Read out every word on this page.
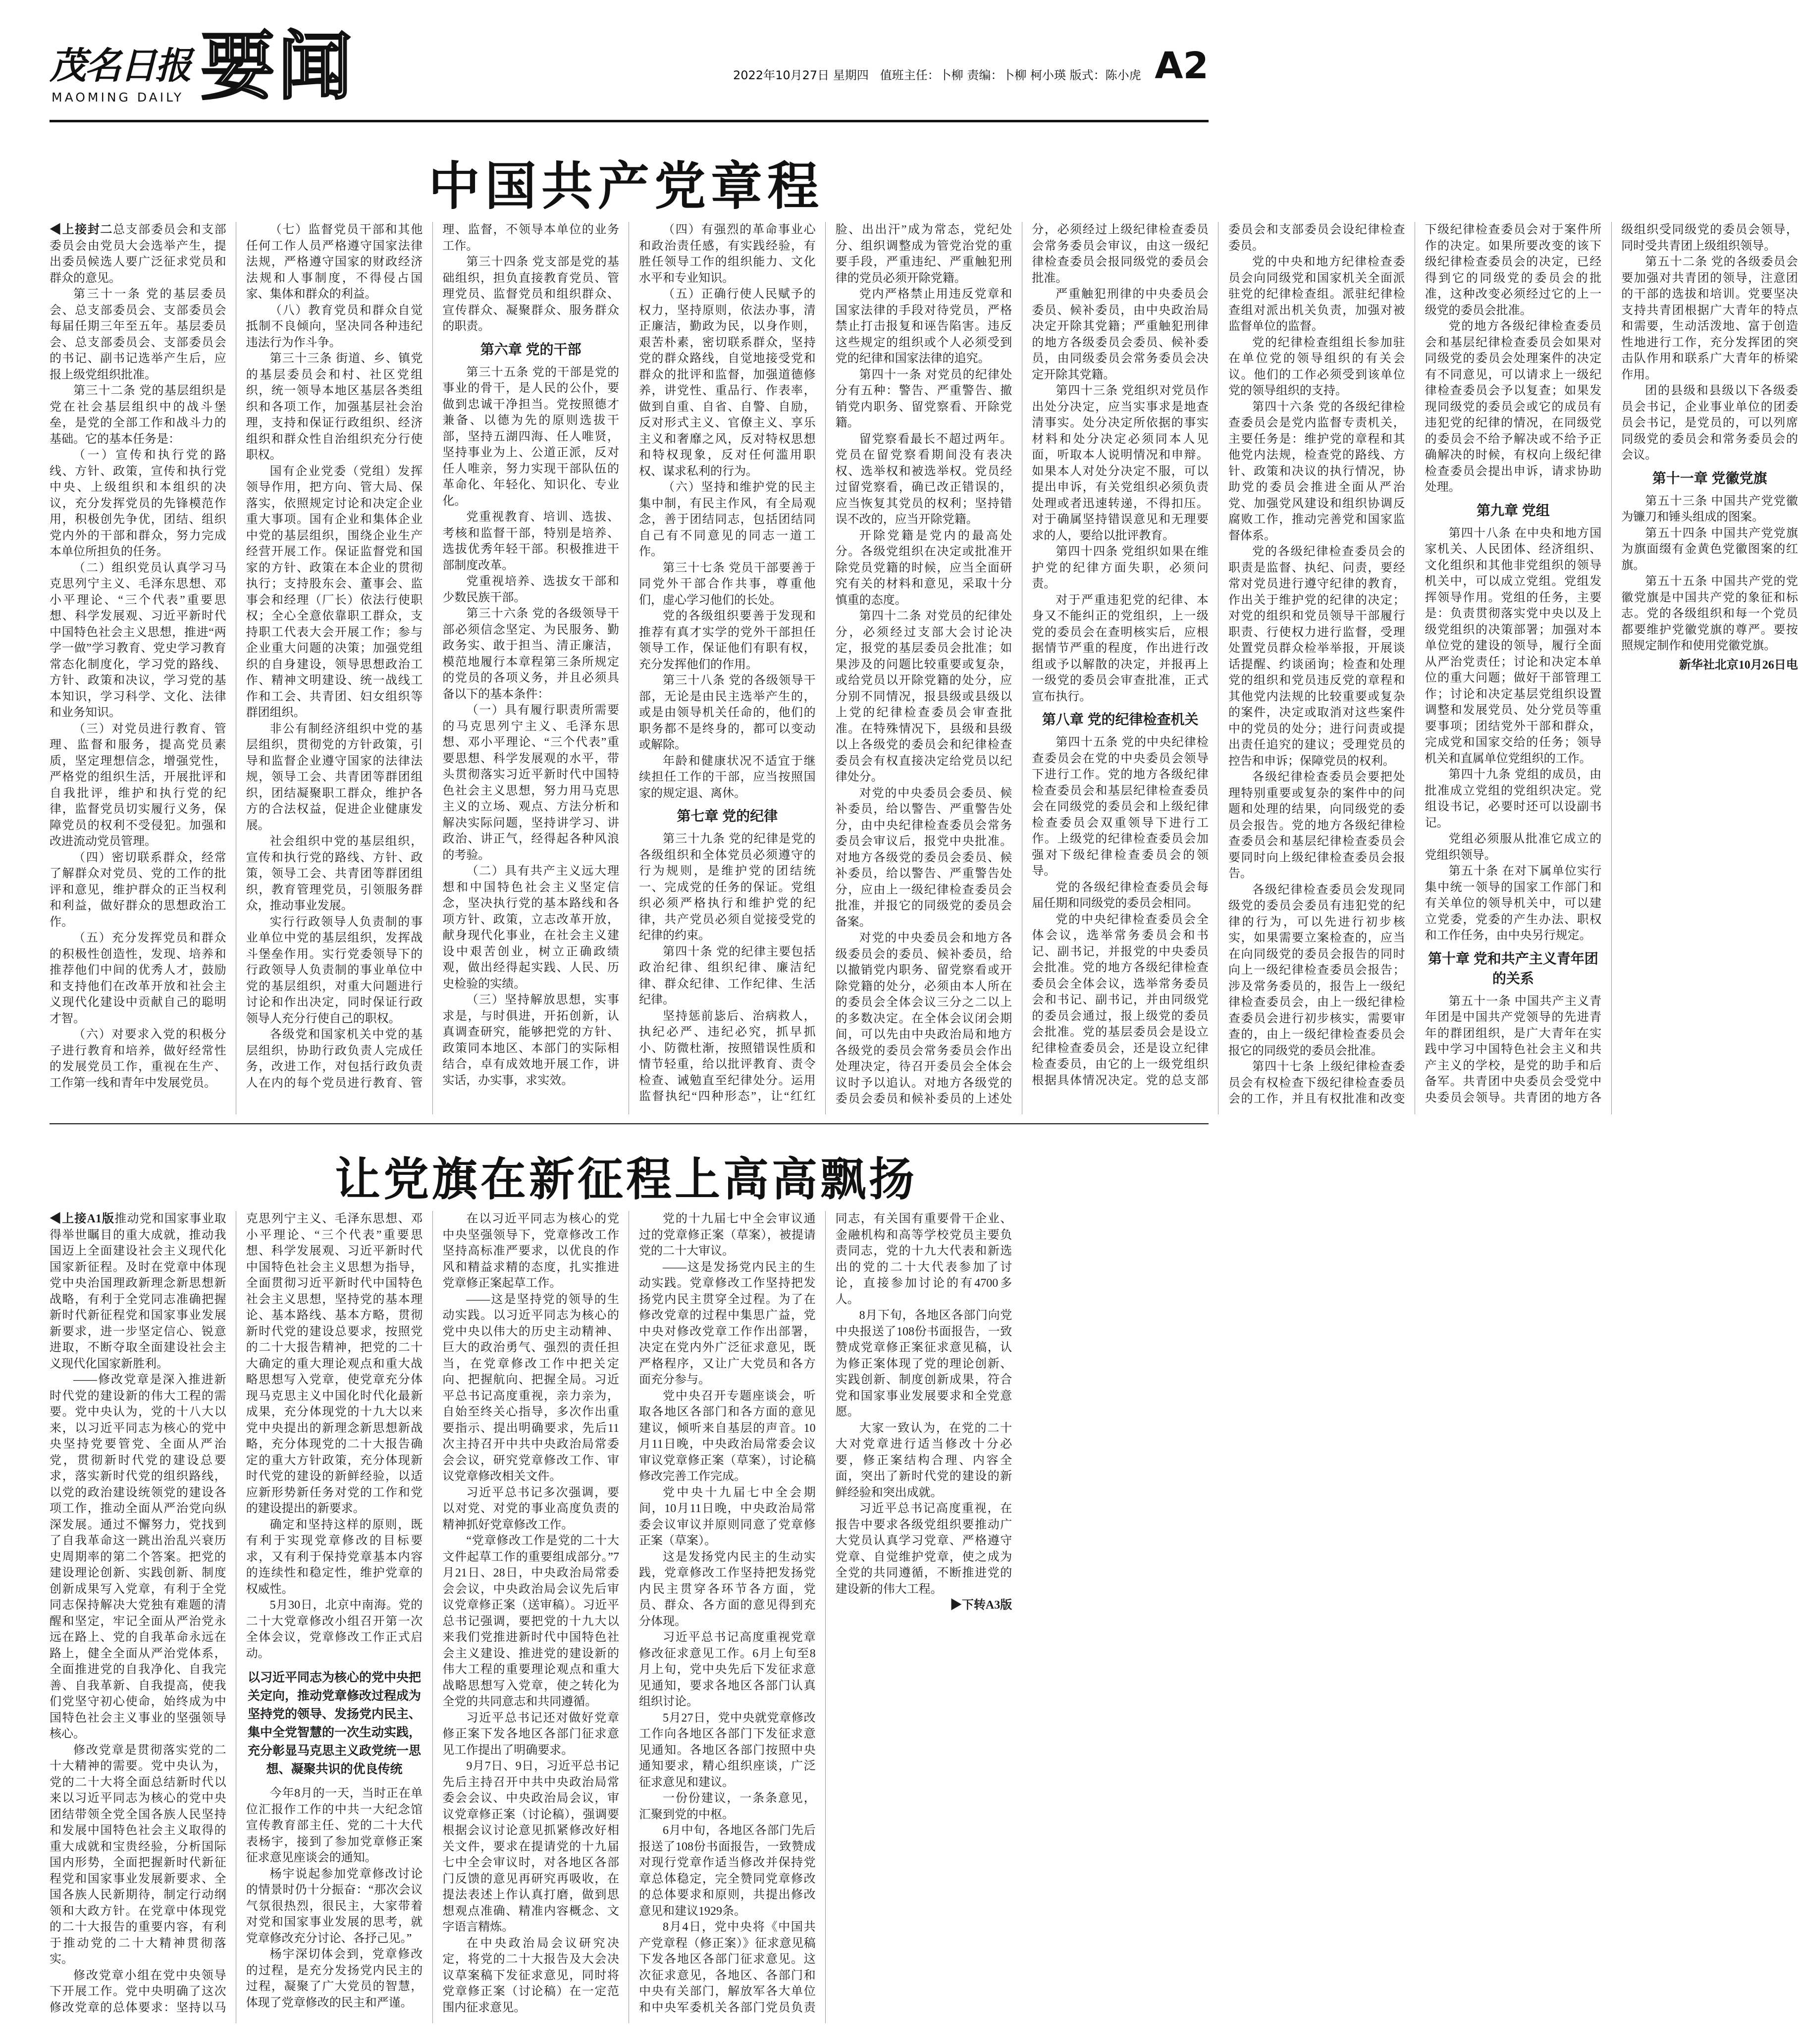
茂名日报
MAOMING DAILY 要闻	2022年10月27日 星期四 值班主任：卜柳 责编：卜柳 柯小瑛 版式：陈小虎 A2
中国共产党章程

◀上接封二总支部委员会和支部委员会由党员大会选举产生，提出委员候选人要广泛征求党员和群众的意见。

第三十一条 党的基层委员会、总支部委员会、支部委员会每届任期三年至五年。基层委员会、总支部委员会、支部委员会的书记、副书记选举产生后，应报上级党组织批准。

第三十二条 党的基层组织是党在社会基层组织中的战斗堡垒，是党的全部工作和战斗力的基础。它的基本任务是：

（一）宣传和执行党的路线、方针、政策，宣传和执行党中央、上级组织和本组织的决议，充分发挥党员的先锋模范作用，积极创先争优，团结、组织党内外的干部和群众，努力完成本单位所担负的任务。

（二）组织党员认真学习马克思列宁主义、毛泽东思想、邓小平理论、“三个代表”重要思想、科学发展观、习近平新时代中国特色社会主义思想，推进“两学一做”学习教育、党史学习教育常态化制度化，学习党的路线、方针、政策和决议，学习党的基本知识，学习科学、文化、法律和业务知识。

（三）对党员进行教育、管理、监督和服务，提高党员素质，坚定理想信念，增强党性，严格党的组织生活，开展批评和自我批评，维护和执行党的纪律，监督党员切实履行义务，保障党员的权利不受侵犯。加强和改进流动党员管理。

（四）密切联系群众，经常了解群众对党员、党的工作的批评和意见，维护群众的正当权利和利益，做好群众的思想政治工作。

（五）充分发挥党员和群众的积极性创造性，发现、培养和推荐他们中间的优秀人才，鼓励和支持他们在改革开放和社会主义现代化建设中贡献自己的聪明才智。

（六）对要求入党的积极分子进行教育和培养，做好经常性的发展党员工作，重视在生产、工作第一线和青年中发展党员。

（七）监督党员干部和其他任何工作人员严格遵守国家法律法规，严格遵守国家的财政经济法规和人事制度，不得侵占国家、集体和群众的利益。

（八）教育党员和群众自觉抵制不良倾向，坚决同各种违纪违法行为作斗争。

第三十三条 街道、乡、镇党的基层委员会和村、社区党组织，统一领导本地区基层各类组织和各项工作，加强基层社会治理，支持和保证行政组织、经济组织和群众性自治组织充分行使职权。

国有企业党委（党组）发挥领导作用，把方向、管大局、保落实，依照规定讨论和决定企业重大事项。国有企业和集体企业中党的基层组织，围绕企业生产经营开展工作。保证监督党和国家的方针、政策在本企业的贯彻执行；支持股东会、董事会、监事会和经理（厂长）依法行使职权；全心全意依靠职工群众，支持职工代表大会开展工作；参与企业重大问题的决策；加强党组织的自身建设，领导思想政治工作、精神文明建设、统一战线工作和工会、共青团、妇女组织等群团组织。

非公有制经济组织中党的基层组织，贯彻党的方针政策，引导和监督企业遵守国家的法律法规，领导工会、共青团等群团组织，团结凝聚职工群众，维护各方的合法权益，促进企业健康发展。

社会组织中党的基层组织，宣传和执行党的路线、方针、政策，领导工会、共青团等群团组织，教育管理党员，引领服务群众，推动事业发展。

实行行政领导人负责制的事业单位中党的基层组织，发挥战斗堡垒作用。实行党委领导下的行政领导人负责制的事业单位中党的基层组织，对重大问题进行讨论和作出决定，同时保证行政领导人充分行使自己的职权。

各级党和国家机关中党的基层组织，协助行政负责人完成任务，改进工作，对包括行政负责人在内的每个党员进行教育、管理、监督，不领导本单位的业务工作。

第三十四条 党支部是党的基础组织，担负直接教育党员、管理党员、监督党员和组织群众、宣传群众、凝聚群众、服务群众的职责。

第六章 党的干部

第三十五条 党的干部是党的事业的骨干，是人民的公仆，要做到忠诚干净担当。党按照德才兼备、以德为先的原则选拔干部，坚持五湖四海、任人唯贤，坚持事业为上、公道正派，反对任人唯亲，努力实现干部队伍的革命化、年轻化、知识化、专业化。

党重视教育、培训、选拔、考核和监督干部，特别是培养、选拔优秀年轻干部。积极推进干部制度改革。

党重视培养、选拔女干部和少数民族干部。

第三十六条 党的各级领导干部必须信念坚定、为民服务、勤政务实、敢于担当、清正廉洁，模范地履行本章程第三条所规定的党员的各项义务，并且必须具备以下的基本条件：

（一）具有履行职责所需要的马克思列宁主义、毛泽东思想、邓小平理论、“三个代表”重要思想、科学发展观的水平，带头贯彻落实习近平新时代中国特色社会主义思想，努力用马克思主义的立场、观点、方法分析和解决实际问题，坚持讲学习、讲政治、讲正气，经得起各种风浪的考验。

（二）具有共产主义远大理想和中国特色社会主义坚定信念，坚决执行党的基本路线和各项方针、政策，立志改革开放，献身现代化事业，在社会主义建设中艰苦创业，树立正确政绩观，做出经得起实践、人民、历史检验的实绩。

（三）坚持解放思想，实事求是，与时俱进，开拓创新，认真调查研究，能够把党的方针、政策同本地区、本部门的实际相结合，卓有成效地开展工作，讲实话，办实事，求实效。

（四）有强烈的革命事业心和政治责任感，有实践经验，有胜任领导工作的组织能力、文化水平和专业知识。

（五）正确行使人民赋予的权力，坚持原则，依法办事，清正廉洁，勤政为民，以身作则，艰苦朴素，密切联系群众，坚持党的群众路线，自觉地接受党和群众的批评和监督，加强道德修养，讲党性、重品行、作表率，做到自重、自省、自警、自励，反对形式主义、官僚主义、享乐主义和奢靡之风，反对特权思想和特权现象，反对任何滥用职权、谋求私利的行为。

（六）坚持和维护党的民主集中制，有民主作风，有全局观念，善于团结同志，包括团结同自己有不同意见的同志一道工作。

第三十七条 党员干部要善于同党外干部合作共事，尊重他们，虚心学习他们的长处。

党的各级组织要善于发现和推荐有真才实学的党外干部担任领导工作，保证他们有职有权，充分发挥他们的作用。

第三十八条 党的各级领导干部，无论是由民主选举产生的，或是由领导机关任命的，他们的职务都不是终身的，都可以变动或解除。

年龄和健康状况不适宜于继续担任工作的干部，应当按照国家的规定退、离休。

第七章 党的纪律

第三十九条 党的纪律是党的各级组织和全体党员必须遵守的行为规则，是维护党的团结统一、完成党的任务的保证。党组织必须严格执行和维护党的纪律，共产党员必须自觉接受党的纪律的约束。

第四十条 党的纪律主要包括政治纪律、组织纪律、廉洁纪律、群众纪律、工作纪律、生活纪律。

坚持惩前毖后、治病救人，执纪必严、违纪必究，抓早抓小、防微杜渐，按照错误性质和情节轻重，给以批评教育、责令检查、诫勉直至纪律处分。运用监督执纪“四种形态”，让“红红脸、出出汗”成为常态，党纪处分、组织调整成为管党治党的重要手段，严重违纪、严重触犯刑律的党员必须开除党籍。

党内严格禁止用违反党章和国家法律的手段对待党员，严格禁止打击报复和诬告陷害。违反这些规定的组织或个人必须受到党的纪律和国家法律的追究。

第四十一条 对党员的纪律处分有五种：警告、严重警告、撤销党内职务、留党察看、开除党籍。

留党察看最长不超过两年。党员在留党察看期间没有表决权、选举权和被选举权。党员经过留党察看，确已改正错误的，应当恢复其党员的权利；坚持错误不改的，应当开除党籍。

开除党籍是党内的最高处分。各级党组织在决定或批准开除党员党籍的时候，应当全面研究有关的材料和意见，采取十分慎重的态度。

第四十二条 对党员的纪律处分，必须经过支部大会讨论决定，报党的基层委员会批准；如果涉及的问题比较重要或复杂，或给党员以开除党籍的处分，应分别不同情况，报县级或县级以上党的纪律检查委员会审查批准。在特殊情况下，县级和县级以上各级党的委员会和纪律检查委员会有权直接决定给党员以纪律处分。

对党的中央委员会委员、候补委员，给以警告、严重警告处分，由中央纪律检查委员会常务委员会审议后，报党中央批准。对地方各级党的委员会委员、候补委员，给以警告、严重警告处分，应由上一级纪律检查委员会批准，并报它的同级党的委员会备案。

对党的中央委员会和地方各级委员会的委员、候补委员，给以撤销党内职务、留党察看或开除党籍的处分，必须由本人所在的委员会全体会议三分之二以上的多数决定。在全体会议闭会期间，可以先由中央政治局和地方各级党的委员会常务委员会作出处理决定，待召开委员会全体会议时予以追认。对地方各级党的委员会委员和候补委员的上述处分，必须经过上级纪律检查委员会常务委员会审议，由这一级纪律检查委员会报同级党的委员会批准。

严重触犯刑律的中央委员会委员、候补委员，由中央政治局决定开除其党籍；严重触犯刑律的地方各级委员会委员、候补委员，由同级委员会常务委员会决定开除其党籍。

第四十三条 党组织对党员作出处分决定，应当实事求是地查清事实。处分决定所依据的事实材料和处分决定必须同本人见面，听取本人说明情况和申辩。如果本人对处分决定不服，可以提出申诉，有关党组织必须负责处理或者迅速转递，不得扣压。对于确属坚持错误意见和无理要求的人，要给以批评教育。

第四十四条 党组织如果在维护党的纪律方面失职，必须问责。

对于严重违犯党的纪律、本身又不能纠正的党组织，上一级党的委员会在查明核实后，应根据情节严重的程度，作出进行改组或予以解散的决定，并报再上一级党的委员会审查批准，正式宣布执行。

第八章 党的纪律检查机关

第四十五条 党的中央纪律检查委员会在党的中央委员会领导下进行工作。党的地方各级纪律检查委员会和基层纪律检查委员会在同级党的委员会和上级纪律检查委员会双重领导下进行工作。上级党的纪律检查委员会加强对下级纪律检查委员会的领导。

党的各级纪律检查委员会每届任期和同级党的委员会相同。

党的中央纪律检查委员会全体会议，选举常务委员会和书记、副书记，并报党的中央委员会批准。党的地方各级纪律检查委员会全体会议，选举常务委员会和书记、副书记，并由同级党的委员会通过，报上级党的委员会批准。党的基层委员会是设立纪律检查委员会，还是设立纪律检查委员，由它的上一级党组织根据具体情况决定。党的总支部委员会和支部委员会设纪律检查委员。

党的中央和地方纪律检查委员会向同级党和国家机关全面派驻党的纪律检查组。派驻纪律检查组对派出机关负责，加强对被监督单位的监督。

党的纪律检查组组长参加驻在单位党的领导组织的有关会议。他们的工作必须受到该单位党的领导组织的支持。

第四十六条 党的各级纪律检查委员会是党内监督专责机关，主要任务是：维护党的章程和其他党内法规，检查党的路线、方针、政策和决议的执行情况，协助党的委员会推进全面从严治党、加强党风建设和组织协调反腐败工作，推动完善党和国家监督体系。

党的各级纪律检查委员会的职责是监督、执纪、问责，要经常对党员进行遵守纪律的教育，作出关于维护党的纪律的决定；对党的组织和党员领导干部履行职责、行使权力进行监督，受理处置党员群众检举举报，开展谈话提醒、约谈函询；检查和处理党的组织和党员违反党的章程和其他党内法规的比较重要或复杂的案件，决定或取消对这些案件中的党员的处分；进行问责或提出责任追究的建议；受理党员的控告和申诉；保障党员的权利。

各级纪律检查委员会要把处理特别重要或复杂的案件中的问题和处理的结果，向同级党的委员会报告。党的地方各级纪律检查委员会和基层纪律检查委员会要同时向上级纪律检查委员会报告。

各级纪律检查委员会发现同级党的委员会委员有违犯党的纪律的行为，可以先进行初步核实，如果需要立案检查的，应当在向同级党的委员会报告的同时向上一级纪律检查委员会报告；涉及常务委员的，报告上一级纪律检查委员会，由上一级纪律检查委员会进行初步核实，需要审查的，由上一级纪律检查委员会报它的同级党的委员会批准。

第四十七条 上级纪律检查委员会有权检查下级纪律检查委员会的工作，并且有权批准和改变下级纪律检查委员会对于案件所作的决定。如果所要改变的该下级纪律检查委员会的决定，已经得到它的同级党的委员会的批准，这种改变必须经过它的上一级党的委员会批准。

党的地方各级纪律检查委员会和基层纪律检查委员会如果对同级党的委员会处理案件的决定有不同意见，可以请求上一级纪律检查委员会予以复查；如果发现同级党的委员会或它的成员有违犯党的纪律的情况，在同级党的委员会不给予解决或不给予正确解决的时候，有权向上级纪律检查委员会提出申诉，请求协助处理。

第九章 党组

第四十八条 在中央和地方国家机关、人民团体、经济组织、文化组织和其他非党组织的领导机关中，可以成立党组。党组发挥领导作用。党组的任务，主要是：负责贯彻落实党中央以及上级党组织的决策部署；加强对本单位党的建设的领导，履行全面从严治党责任；讨论和决定本单位的重大问题；做好干部管理工作；讨论和决定基层党组织设置调整和发展党员、处分党员等重要事项；团结党外干部和群众，完成党和国家交给的任务；领导机关和直属单位党组织的工作。

第四十九条 党组的成员，由批准成立党组的党组织决定。党组设书记，必要时还可以设副书记。

党组必须服从批准它成立的党组织领导。

第五十条 在对下属单位实行集中统一领导的国家工作部门和有关单位的领导机关中，可以建立党委，党委的产生办法、职权和工作任务，由中央另行规定。

第十章 党和共产主义青年团的关系

第五十一条 中国共产主义青年团是中国共产党领导的先进青年的群团组织，是广大青年在实践中学习中国特色社会主义和共产主义的学校，是党的助手和后备军。共青团中央委员会受党中央委员会领导。共青团的地方各级组织受同级党的委员会领导，同时受共青团上级组织领导。

第五十二条 党的各级委员会要加强对共青团的领导，注意团的干部的选拔和培训。党要坚决支持共青团根据广大青年的特点和需要，生动活泼地、富于创造性地进行工作，充分发挥团的突击队作用和联系广大青年的桥梁作用。

团的县级和县级以下各级委员会书记，企业事业单位的团委员会书记，是党员的，可以列席同级党的委员会和常务委员会的会议。

第十一章 党徽党旗

第五十三条 中国共产党党徽为镰刀和锤头组成的图案。

第五十四条 中国共产党党旗为旗面缀有金黄色党徽图案的红旗。

第五十五条 中国共产党的党徽党旗是中国共产党的象征和标志。党的各级组织和每一个党员都要维护党徽党旗的尊严。要按照规定制作和使用党徽党旗。

新华社北京10月26日电

让党旗在新征程上高高飘扬

◀上接A1版推动党和国家事业取得举世瞩目的重大成就，推动我国迈上全面建设社会主义现代化国家新征程。及时在党章中体现党中央治国理政新理念新思想新战略，有利于全党同志准确把握新时代新征程党和国家事业发展新要求，进一步坚定信心、锐意进取，不断夺取全面建设社会主义现代化国家新胜利。

——修改党章是深入推进新时代党的建设新的伟大工程的需要。党中央认为，党的十八大以来，以习近平同志为核心的党中央坚持党要管党、全面从严治党，贯彻新时代党的建设总要求，落实新时代党的组织路线，以党的政治建设统领党的建设各项工作，推动全面从严治党向纵深发展。通过不懈努力，党找到了自我革命这一跳出治乱兴衰历史周期率的第二个答案。把党的建设理论创新、实践创新、制度创新成果写入党章，有利于全党同志保持解决大党独有难题的清醒和坚定，牢记全面从严治党永远在路上、党的自我革命永远在路上，健全全面从严治党体系，全面推进党的自我净化、自我完善、自我革新、自我提高，使我们党坚守初心使命，始终成为中国特色社会主义事业的坚强领导核心。

修改党章是贯彻落实党的二十大精神的需要。党中央认为，党的二十大将全面总结新时代以来以习近平同志为核心的党中央团结带领全党全国各族人民坚持和发展中国特色社会主义取得的重大成就和宝贵经验，分析国际国内形势，全面把握新时代新征程党和国家事业发展新要求、全国各族人民新期待，制定行动纲领和大政方针。在党章中体现党的二十大报告的重要内容，有利于推动党的二十大精神贯彻落实。

修改党章小组在党中央领导下开展工作。党中央明确了这次修改党章的总体要求：坚持以马克思列宁主义、毛泽东思想、邓小平理论、“三个代表”重要思想、科学发展观、习近平新时代中国特色社会主义思想为指导，全面贯彻习近平新时代中国特色社会主义思想，坚持党的基本理论、基本路线、基本方略，贯彻新时代党的建设总要求，按照党的二十大报告精神，把党的二十大确定的重大理论观点和重大战略思想写入党章，使党章充分体现马克思主义中国化时代化最新成果，充分体现党的十九大以来党中央提出的新理念新思想新战略，充分体现党的二十大报告确定的重大方针政策，充分体现新时代党的建设的新鲜经验，以适应新形势新任务对党的工作和党的建设提出的新要求。

确定和坚持这样的原则，既有利于实现党章修改的目标要求，又有利于保持党章基本内容的连续性和稳定性，维护党章的权威性。

5月30日，北京中南海。党的二十大党章修改小组召开第一次全体会议，党章修改工作正式启动。

以习近平同志为核心的党中央把关定向，推动党章修改过程成为坚持党的领导、发扬党内民主、集中全党智慧的一次生动实践，充分彰显马克思主义政党统一思想、凝聚共识的优良传统

今年8月的一天，当时正在单位汇报作工作的中共一大纪念馆宣传教育部主任、党的二十大代表杨宇，接到了参加党章修正案征求意见座谈会的通知。

杨宇说起参加党章修改讨论的情景时仍十分振奋：“那次会议气氛很热烈，很民主，大家带着对党和国家事业发展的思考，就党章修改充分讨论、各抒己见。”

杨宇深切体会到，党章修改的过程，是充分发扬党内民主的过程，凝聚了广大党员的智慧，体现了党章修改的民主和严谨。

在以习近平同志为核心的党中央坚强领导下，党章修改工作坚持高标准严要求，以优良的作风和精益求精的态度，扎实推进党章修正案起草工作。

——这是坚持党的领导的生动实践。以习近平同志为核心的党中央以伟大的历史主动精神、巨大的政治勇气、强烈的责任担当，在党章修改工作中把关定向、把握航向、把握全局。习近平总书记高度重视，亲力亲为，自始至终关心指导，多次作出重要指示、提出明确要求，先后11次主持召开中共中央政治局常委会会议，研究党章修改工作、审议党章修改相关文件。

习近平总书记多次强调，要以对党、对党的事业高度负责的精神抓好党章修改工作。

“党章修改工作是党的二十大文件起草工作的重要组成部分。”7月21日、28日，中央政治局常委会会议，中央政治局会议先后审议党章修正案（送审稿）。习近平总书记强调，要把党的十九大以来我们党推进新时代中国特色社会主义建设、推进党的建设新的伟大工程的重要理论观点和重大战略思想写入党章，使之转化为全党的共同意志和共同遵循。

习近平总书记还对做好党章修正案下发各地区各部门征求意见工作提出了明确要求。

9月7日、9日，习近平总书记先后主持召开中共中央政治局常委会会议、中央政治局会议，审议党章修正案（讨论稿），强调要根据会议讨论意见抓紧修改好相关文件，要求在提请党的十九届七中全会审议时，对各地区各部门反馈的意见再研究再吸收，在提法表述上作认真打磨，做到思想观点准确、精准内容概念、文字语言精炼。

在中央政治局会议研究决定，将党的二十大报告及大会决议草案稿下发征求意见，同时将党章修正案（讨论稿）在一定范围内征求意见。

党的十九届七中全会审议通过的党章修正案（草案），被提请党的二十大审议。

——这是发扬党内民主的生动实践。党章修改工作坚持把发扬党内民主贯穿全过程。为了在修改党章的过程中集思广益，党中央对修改党章工作作出部署，决定在党内外广泛征求意见，既严格程序，又让广大党员和各方面充分参与。

党中央召开专题座谈会，听取各地区各部门和各方面的意见建议，倾听来自基层的声音。10月11日晚，中央政治局常委会议审议党章修正案（草案），讨论稿修改完善工作完成。

党中央十九届七中全会期间，10月11日晚，中央政治局常委会议审议并原则同意了党章修正案（草案）。

这是发扬党内民主的生动实践，党章修改工作坚持把发扬党内民主贯穿各环节各方面，党员、群众、各方面的意见得到充分体现。

习近平总书记高度重视党章修改征求意见工作。6月上旬至8月上旬，党中央先后下发征求意见通知，要求各地区各部门认真组织讨论。

5月27日，党中央就党章修改工作向各地区各部门下发征求意见通知。各地区各部门按照中央通知要求，精心组织座谈，广泛征求意见和建议。

一份份建议，一条条意见，汇聚到党的中枢。

6月中旬，各地区各部门先后报送了108份书面报告，一致赞成对现行党章作适当修改并保持党章总体稳定，完全赞同党章修改的总体要求和原则，共提出修改意见和建议1929条。

8月4日，党中央将《中国共产党章程（修正案）》征求意见稿下发各地区各部门征求意见。这次征求意见，各地区、各部门和中央有关部门，解放军各大单位和中央军委机关各部门党员负责同志，有关国有重要骨干企业、金融机构和高等学校党员主要负责同志，党的十九大代表和新选出的党的二十大代表参加了讨论，直接参加讨论的有4700多人。

8月下旬，各地区各部门向党中央报送了108份书面报告，一致赞成党章修正案征求意见稿，认为修正案体现了党的理论创新、实践创新、制度创新成果，符合党和国家事业发展要求和全党意愿。

大家一致认为，在党的二十大对党章进行适当修改十分必要，修正案结构合理、内容全面，突出了新时代党的建设的新鲜经验和突出成就。

习近平总书记高度重视，在报告中要求各级党组织要推动广大党员认真学习党章、严格遵守党章、自觉维护党章，使之成为全党的共同遵循，不断推进党的建设新的伟大工程。

▶下转A3版
